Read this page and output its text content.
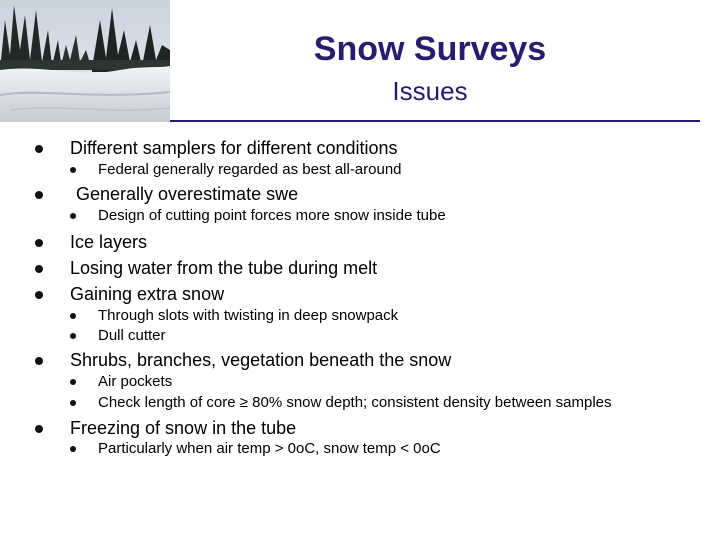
Snow Surveys
Issues
Different samplers for different conditions
Federal generally regarded as best all-around
Generally overestimate swe
Design of cutting point forces more snow inside tube
Ice layers
Losing water from the tube during melt
Gaining extra snow
Through slots with twisting in deep snowpack
Dull cutter
Shrubs, branches, vegetation beneath the snow
Air pockets
Check length of core ≥ 80% snow depth; consistent density between samples
Freezing of snow in the tube
Particularly when air temp > 0oC, snow temp < 0oC
